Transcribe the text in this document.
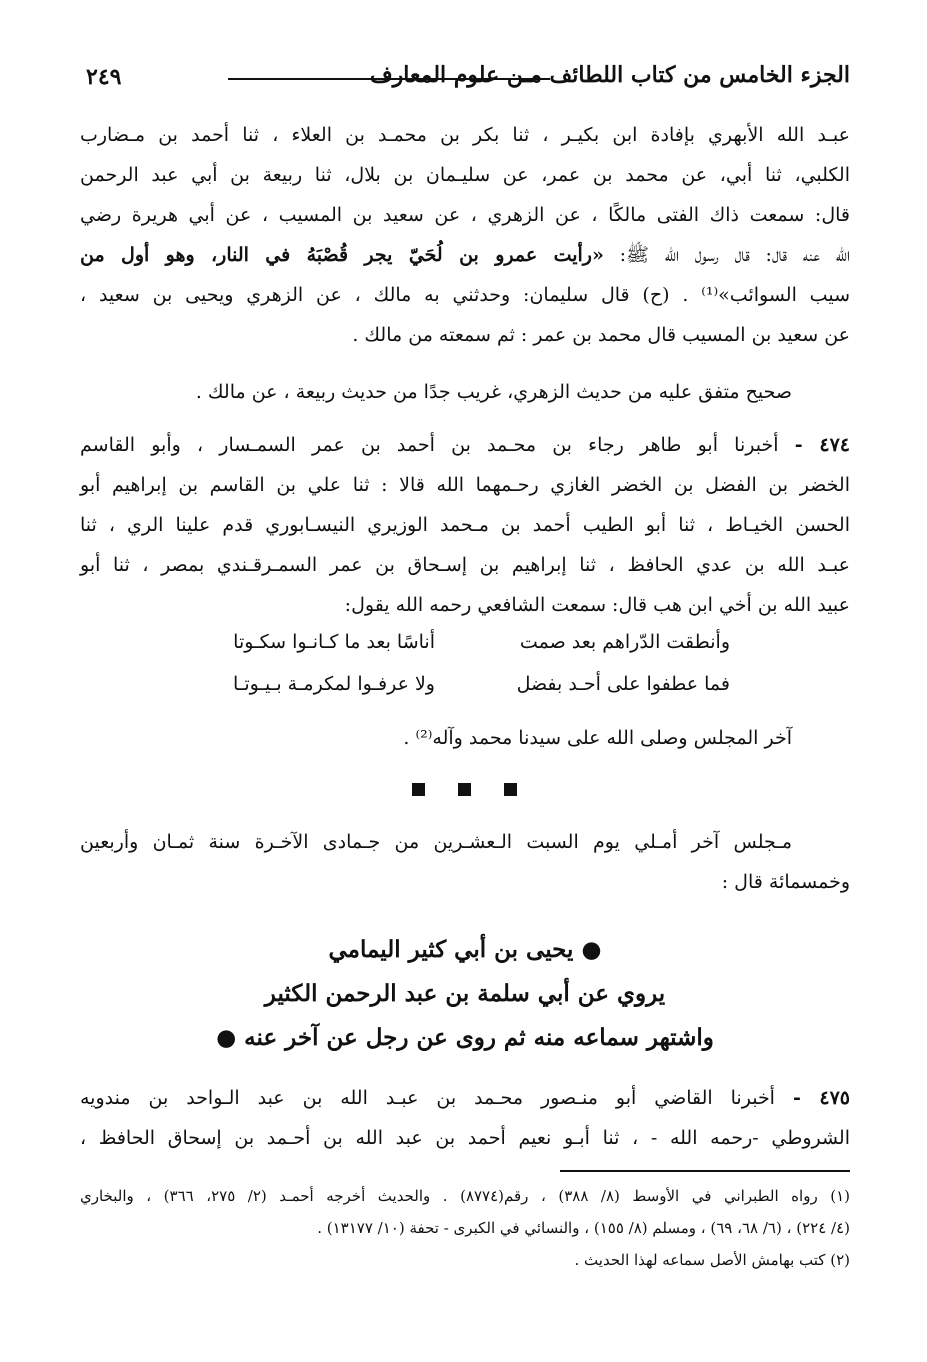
٢٤٩	الجزء الخامس من كتاب اللطائف مـن علوم المعارف
عبـد الله الأبهري بإفادة ابن بكيـر ، ثنا بكر بن محمـد بن العلاء ، ثنا أحمد بن مـضارب
الكلبي، ثنا أبي، عن محمد بن عمر، عن سليـمان بن بلال، ثنا ربيعة بن أبي عبد الرحمن
قال: سمعت ذاك الفتى مالكًا ، عن الزهري ، عن سعيد بن المسيب ، عن أبي هريرة رضي
الله عنه قال: قال رسول الله ﷺ: «رأيت عمرو بن لُحَيّ يجر قُصْبَهُ في النار، وهو أول من
سيب السوائب»⁽¹⁾ . (ح) قال سليمان: وحدثني به مالك ، عن الزهري ويحيى بن سعيد ،
عن سعيد بن المسيب قال محمد بن عمر : ثم سمعته من مالك .
صحيح متفق عليه من حديث الزهري، غريب جدًا من حديث ربيعة ، عن مالك .
٤٧٤ - أخبرنا أبو طاهر رجاء بن محـمد بن أحمد بن عمر السمـسار ، وأبو القاسم
الخضر بن الفضل بن الخضر الغازي رحـمهما الله قالا : ثنا علي بن القاسم بن إبراهيم أبو
الحسن الخيـاط ، ثنا أبو الطيب أحمد بن مـحمد الوزيري النيسـابوري قدم علينا الري ، ثنا
عبـد الله بن عدي الحافظ ، ثنا إبراهيم بن إسـحاق بن عمر السمـرقـندي بمصر ، ثنا أبو
عبيد الله بن أخي ابن هب قال: سمعت الشافعي رحمه الله يقول:
وأنطقت الدّراهم بعد صمت
أناسًا بعد ما كـانـوا سكـوتا
فما عطفوا على أحـد بفضل
ولا عرفـوا لمكرمـة بـيـوتـا
آخر المجلس وصلى الله على سيدنا محمد وآله⁽²⁾ .
مـجلس آخر أمـلي يوم السبت الـعشـرين من جـمادى الآخـرة سنة ثمـان وأربعين
وخمسمائة قال :
● يحيى بن أبي كثير اليمامي
يروي عن أبي سلمة بن عبد الرحمن الكثير
واشتهر سماعه منه ثم روى عن رجل عن آخر عنه ●
٤٧٥ - أخبرنا القاضي أبو منـصور محـمد بن عبـد الله بن عبد الـواحد بن مندويه
الشروطي -رحمه الله - ، ثنا أبـو نعيم أحمد بن عبد الله بن أحـمد بن إسحاق الحافظ ،
(١) رواه الطبراني في الأوسط (٨/ ٣٨٨) ، رقم(٨٧٧٤) . والحديث أخرجه أحمـد (٢/ ٢٧٥، ٣٦٦) ، والبخاري
(٤/ ٢٢٤) ، (٦/ ٦٨، ٦٩) ، ومسلم (٨/ ١٥٥) ، والنسائي في الكبرى - تحفة (١٠/ ١٣١٧٧) .
(٢) كتب بهامش الأصل سماعه لهذا الحديث .
